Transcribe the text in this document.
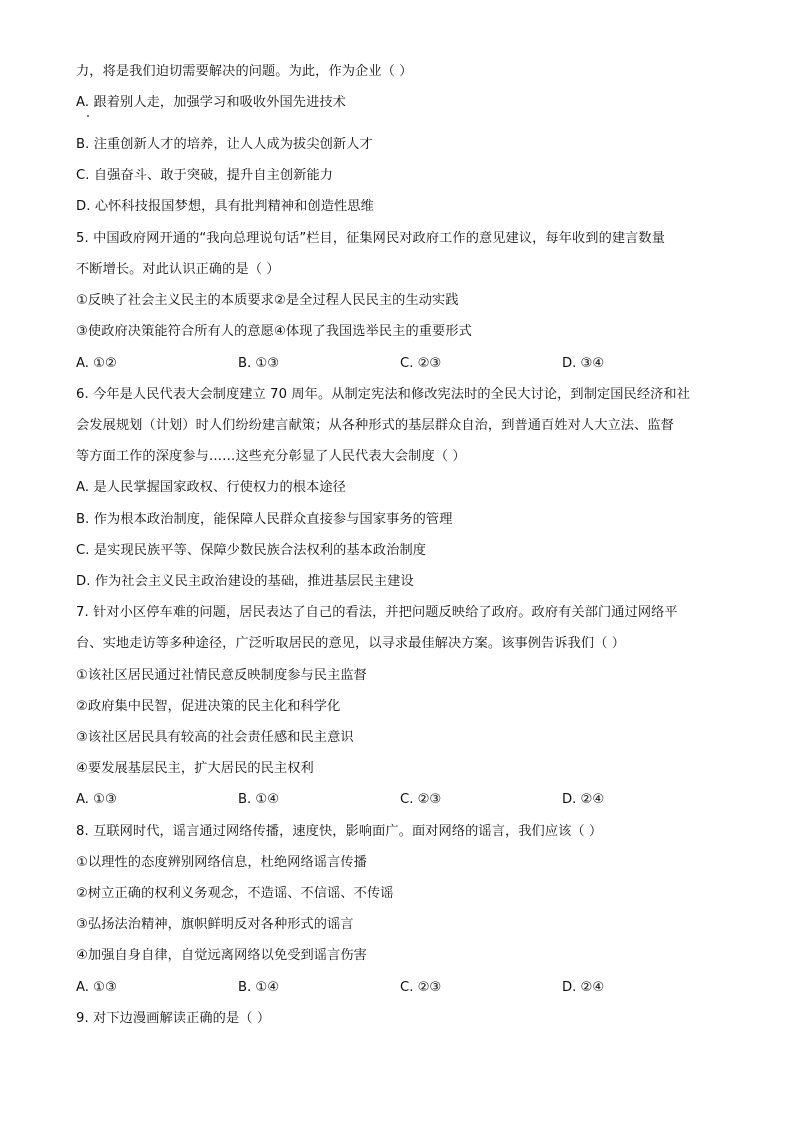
力，将是我们迫切需要解决的问题。为此，作为企业（ ）
A. 跟着别人走，加强学习和吸收外国先进技术
B. 注重创新人才的培养，让人人成为拔尖创新人才
C. 自强奋斗、敢于突破，提升自主创新能力
D. 心怀科技报国梦想，具有批判精神和创造性思维
5. 中国政府网开通的“我向总理说句话”栏目，征集网民对政府工作的意见建议，每年收到的建言数量
不断增长。对此认识正确的是（ ）
①反映了社会主义民主的本质要求②是全过程人民民主的生动实践
③使政府决策能符合所有人的意愿④体现了我国选举民主的重要形式
A. ①②	B. ①③	C. ②③	D. ③④
6. 今年是人民代表大会制度建立 70 周年。从制定宪法和修改宪法时的全民大讨论，到制定国民经济和社
会发展规划（计划）时人们纷纷建言献策；从各种形式的基层群众自治，到普通百姓对人大立法、监督
等方面工作的深度参与……这些充分彰显了人民代表大会制度（ ）
A. 是人民掌握国家政权、行使权力的根本途径
B. 作为根本政治制度，能保障人民群众直接参与国家事务的管理
C. 是实现民族平等、保障少数民族合法权利的基本政治制度
D. 作为社会主义民主政治建设的基础，推进基层民主建设
7. 针对小区停车难的问题，居民表达了自己的看法，并把问题反映给了政府。政府有关部门通过网络平
台、实地走访等多种途径，广泛听取居民的意见，以寻求最佳解决方案。该事例告诉我们（ ）
①该社区居民通过社情民意反映制度参与民主监督
②政府集中民智，促进决策的民主化和科学化
③该社区居民具有较高的社会责任感和民主意识
④要发展基层民主，扩大居民的民主权利
A. ①③	B. ①④	C. ②③	D. ②④
8. 互联网时代，谣言通过网络传播，速度快，影响面广。面对网络的谣言，我们应该（ ）
①以理性的态度辨别网络信息，杜绝网络谣言传播
②树立正确的权利义务观念，不造谣、不信谣、不传谣
③弘扬法治精神，旗帜鲜明反对各种形式的谣言
④加强自身自律，自觉远离网络以免受到谣言伤害
A. ①③	B. ①④	C. ②③	D. ②④
9. 对下边漫画解读正确的是（ ）
